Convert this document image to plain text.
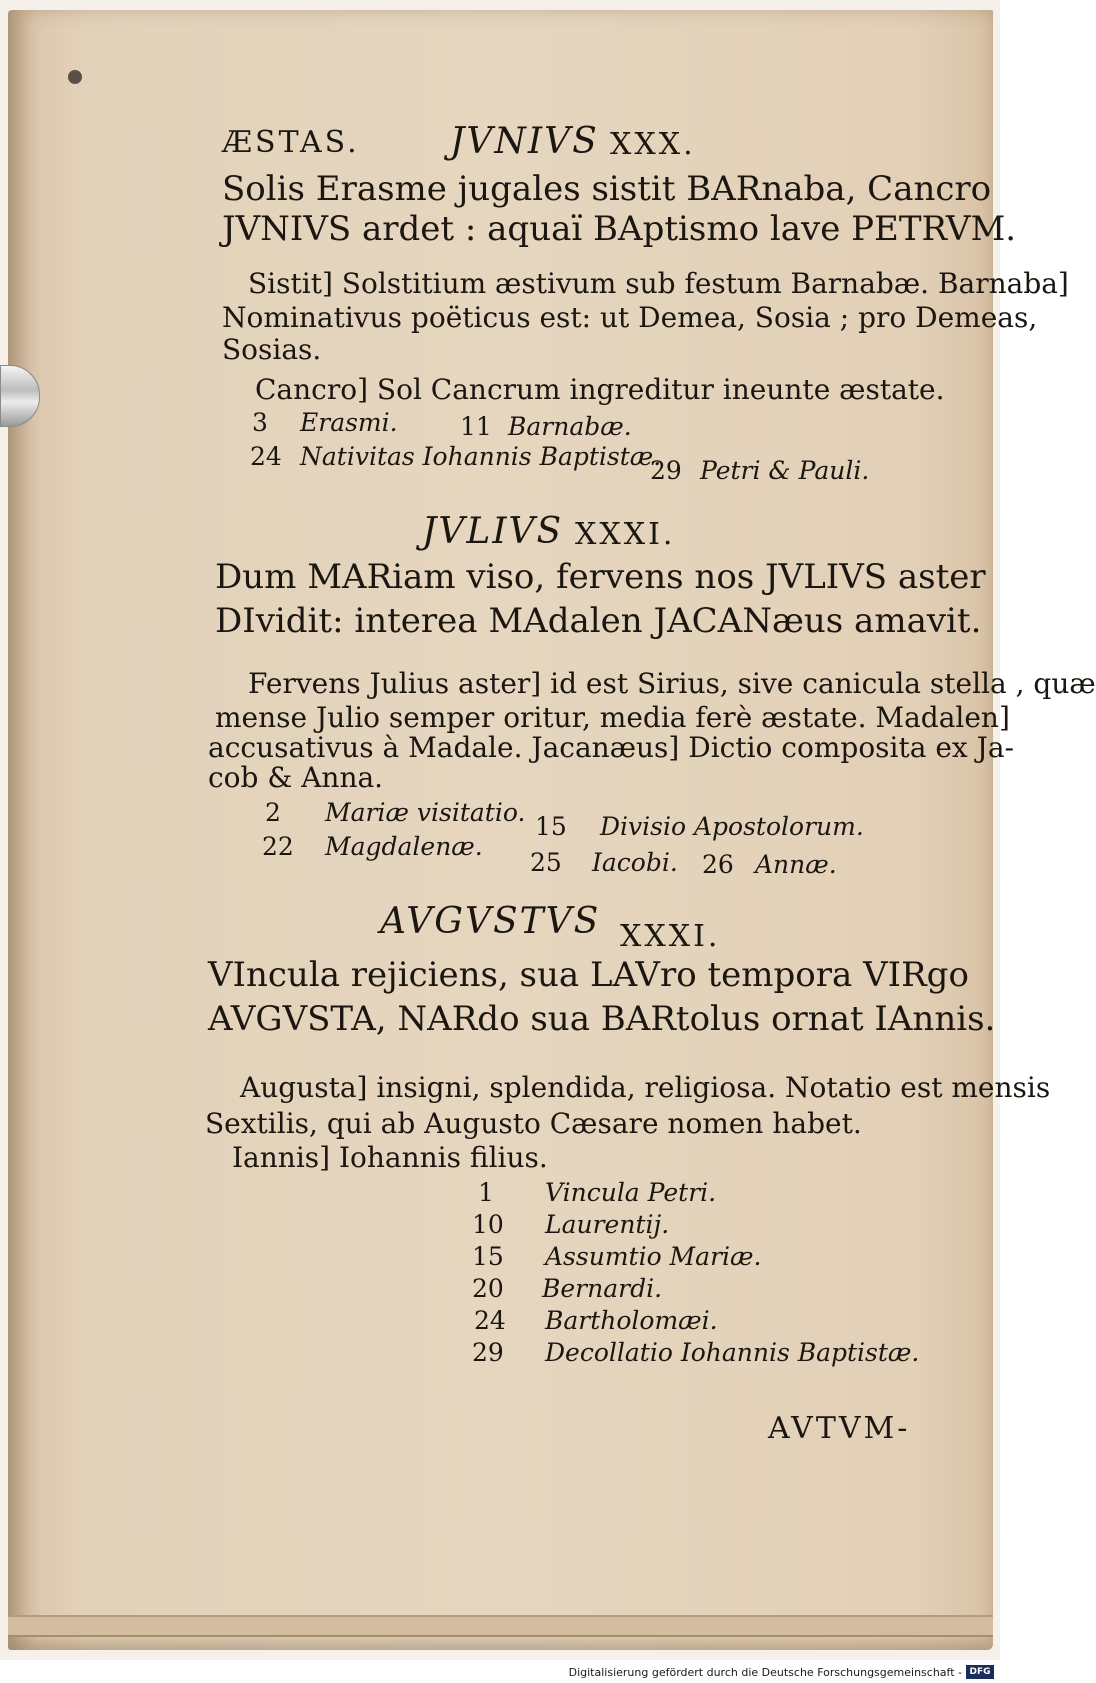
ÆSTAS.	JVNIVS XXX.
Solis Erasme jugales sistit BARnaba, Cancro
JVNIVS ardet : aquaï BAptismo lave PETRVM.
Sistit] Solstitium æstivum sub festum Barnabæ. Barnaba]
Nominativus poëticus est: ut Demea, Sosia ; pro Demeas,
Sosias.
Cancro] Sol Cancrum ingreditur ineunte æstate.
3 Erasmi. 11 Barnabæ.
24 Nativitas Iohannis Baptistæ.
29 Petri & Pauli.
JVLIVS XXXI.
Dum MARiam viso, fervens nos JVLIVS aster
DIvidit: interea MAdalen JACANæus amavit.
Fervens Julius aster] id est Sirius, sive canicula stella , quæ
mense Julio semper oritur, media ferè æstate. Madalen]
accusativus à Madale. Jacanæus] Dictio composita ex Ja-
cob & Anna.
2 Mariæ visitatio. 15 Divisio Apostolorum.
22 Magdalenæ.
25 Iacobi. 26 Annæ.
AVGVSTVS XXXI.
VIncula rejiciens, sua LAVro tempora VIRgo
AVGVSTA, NARdo sua BARtolus ornat IAnnis.
Augusta] insigni, splendida, religiosa. Notatio est mensis
Sextilis, qui ab Augusto Cæsare nomen habet.
Iannis] Iohannis filius.
1 Vincula Petri.
10 Laurentij.
15 Assumtio Mariæ.
20 Bernardi.
24 Bartholomæi.
29 Decollatio Iohannis Baptistæ.
AVTVM-
Digitalisierung gefördert durch die Deutsche Forschungsgemeinschaft - DFG
